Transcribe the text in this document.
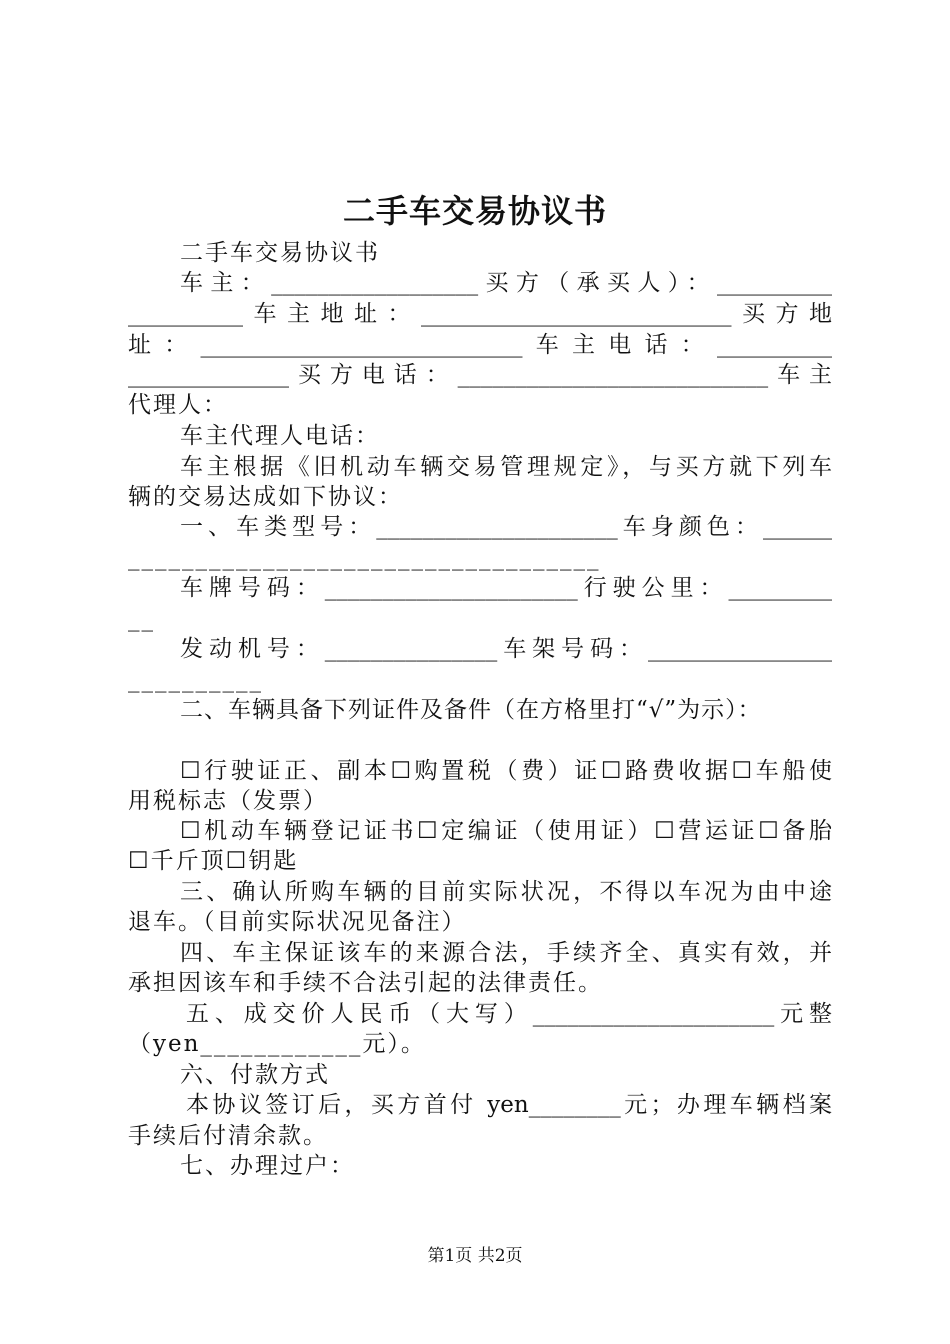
二手车交易协议书
二手车交易协议书
车主：__________________买方（承买人）：__________
__________车主地址：___________________________买方地
址：____________________________车主电话：__________
______________买方电话：___________________________车主
代理人：
车主代理人电话：
车主根据《旧机动车辆交易管理规定》，与买方就下列车
辆的交易达成如下协议：
一、车类型号：_____________________车身颜色：______
___________________________________
车牌号码：______________________行驶公里：_________
__
发动机号：_______________车架号码：________________
__________
二、车辆具备下列证件及备件（在方格里打“√”为示）：
☐行驶证正、副本☐购置税（费）证☐路费收据☐车船使
用税标志（发票）
☐机动车辆登记证书☐定编证（使用证）☐营运证☐备胎
☐千斤顶☐钥匙
三、确认所购车辆的目前实际状况，不得以车况为由中途
退车。（目前实际状况见备注）
四、车主保证该车的来源合法，手续齐全、真实有效，并
承担因该车和手续不合法引起的法律责任。
五、成交价人民币（大写）_____________________元整
（yen____________元）。
六、付款方式
本协议签订后，买方首付 yen________元；办理车辆档案
手续后付清余款。
七、办理过户：
第1页 共2页
